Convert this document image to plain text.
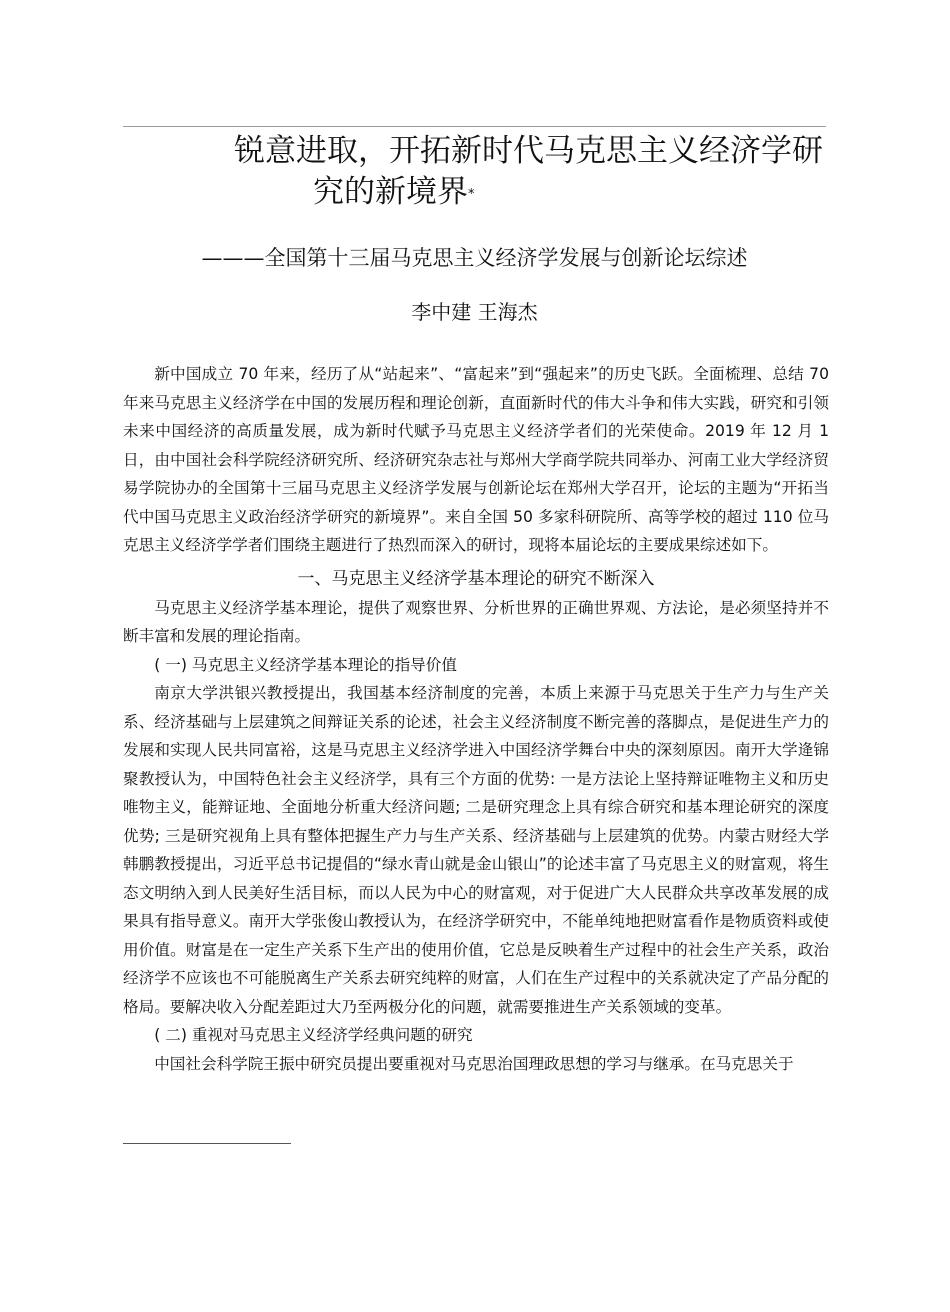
锐意进取，开拓新时代马克思主义经济学研
究的新境界*
———全国第十三届马克思主义经济学发展与创新论坛综述
李中建 王海杰

新中国成立 70 年来，经历了从“站起来”、“富起来”到“强起来”的历史飞跃。全面梳理、总结 70 年来马克思主义经济学在中国的发展历程和理论创新，直面新时代的伟大斗争和伟大实践，研究和引领未来中国经济的高质量发展，成为新时代赋予马克思主义经济学者们的光荣使命。2019 年 12 月 1 日，由中国社会科学院经济研究所、经济研究杂志社与郑州大学商学院共同举办、河南工业大学经济贸易学院协办的全国第十三届马克思主义经济学发展与创新论坛在郑州大学召开，论坛的主题为“开拓当代中国马克思主义政治经济学研究的新境界”。来自全国 50 多家科研院所、高等学校的超过 110 位马克思主义经济学学者们围绕主题进行了热烈而深入的研讨，现将本届论坛的主要成果综述如下。

一、马克思主义经济学基本理论的研究不断深入

马克思主义经济学基本理论，提供了观察世界、分析世界的正确世界观、方法论，是必须坚持并不断丰富和发展的理论指南。

( 一) 马克思主义经济学基本理论的指导价值

南京大学洪银兴教授提出，我国基本经济制度的完善，本质上来源于马克思关于生产力与生产关系、经济基础与上层建筑之间辩证关系的论述，社会主义经济制度不断完善的落脚点，是促进生产力的发展和实现人民共同富裕，这是马克思主义经济学进入中国经济学舞台中央的深刻原因。南开大学逄锦聚教授认为，中国特色社会主义经济学，具有三个方面的优势: 一是方法论上坚持辩证唯物主义和历史唯物主义，能辩证地、全面地分析重大经济问题; 二是研究理念上具有综合研究和基本理论研究的深度优势; 三是研究视角上具有整体把握生产力与生产关系、经济基础与上层建筑的优势。内蒙古财经大学韩鹏教授提出，习近平总书记提倡的“绿水青山就是金山银山”的论述丰富了马克思主义的财富观，将生态文明纳入到人民美好生活目标，而以人民为中心的财富观，对于促进广大人民群众共享改革发展的成果具有指导意义。南开大学张俊山教授认为，在经济学研究中，不能单纯地把财富看作是物质资料或使用价值。财富是在一定生产关系下生产出的使用价值，它总是反映着生产过程中的社会生产关系，政治经济学不应该也不可能脱离生产关系去研究纯粹的财富，人们在生产过程中的关系就决定了产品分配的格局。要解决收入分配差距过大乃至两极分化的问题，就需要推进生产关系领域的变革。

( 二) 重视对马克思主义经济学经典问题的研究

中国社会科学院王振中研究员提出要重视对马克思治国理政思想的学习与继承。在马克思关于
